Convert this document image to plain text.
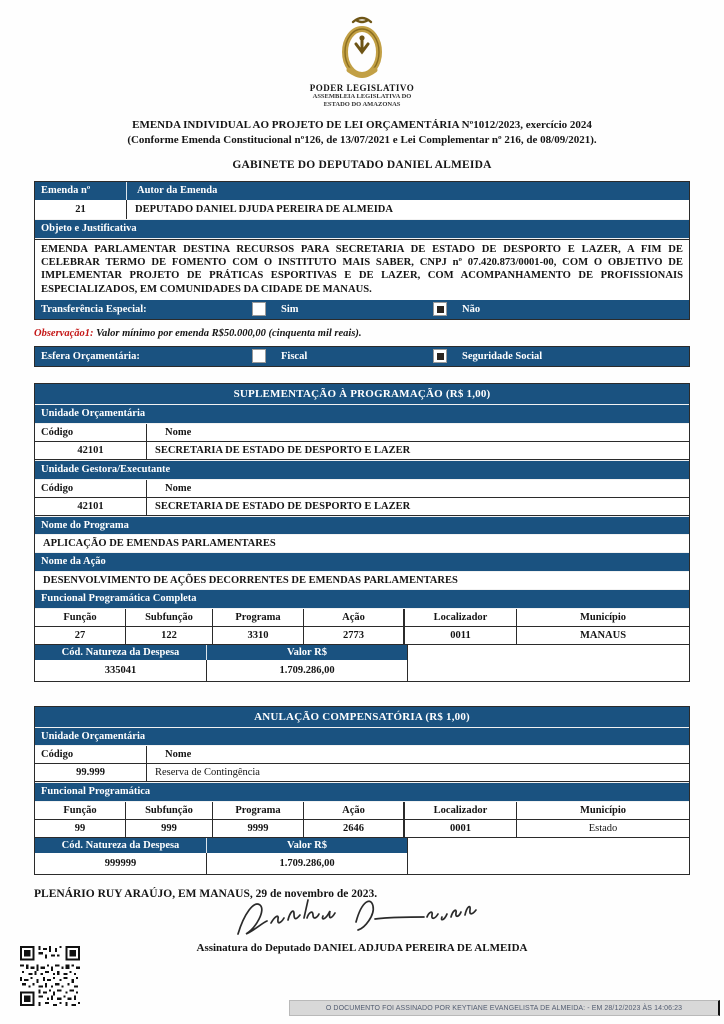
PODER LEGISLATIVO
ASSEMBLEIA LEGISLATIVA DO
ESTADO DO AMAZONAS
EMENDA INDIVIDUAL AO PROJETO DE LEI ORÇAMENTÁRIA Nº1012/2023, exercício 2024
(Conforme Emenda Constitucional nº126, de 13/07/2021 e Lei Complementar nº 216, de 08/09/2021).
GABINETE DO DEPUTADO DANIEL ALMEIDA
Emenda nº	Autor da Emenda
21	DEPUTADO DANIEL DJUDA PEREIRA DE ALMEIDA
Objeto e Justificativa
EMENDA PARLAMENTAR DESTINA RECURSOS PARA SECRETARIA DE ESTADO DE DESPORTO E LAZER, A FIM DE CELEBRAR TERMO DE FOMENTO COM O INSTITUTO MAIS SABER, CNPJ nº 07.420.873/0001-00, COM O OBJETIVO DE IMPLEMENTAR PROJETO DE PRÁTICAS ESPORTIVAS E DE LAZER, COM ACOMPANHAMENTO DE PROFISSIONAIS ESPECIALIZADOS, EM COMUNIDADES DA CIDADE DE MANAUS.
Transferência Especial:	Sim	Não
Observação1: Valor mínimo por emenda R$50.000,00 (cinquenta mil reais).
Esfera Orçamentária:	Fiscal	Seguridade Social
SUPLEMENTAÇÃO À PROGRAMAÇÃO (R$ 1,00)
Unidade Orçamentária
Código	Nome
42101	SECRETARIA DE ESTADO DE DESPORTO E LAZER
Unidade Gestora/Executante
Código	Nome
42101	SECRETARIA DE ESTADO DE DESPORTO E LAZER
Nome do Programa
APLICAÇÃO DE EMENDAS PARLAMENTARES
Nome da Ação
DESENVOLVIMENTO DE AÇÕES DECORRENTES DE EMENDAS PARLAMENTARES
Funcional Programática Completa
Função	Subfunção	Programa	Ação	Localizador	Município
27	122	3310	2773	0011	MANAUS
Cód. Natureza da Despesa	Valor R$
335041	1.709.286,00
ANULAÇÃO COMPENSATÓRIA (R$ 1,00)
Unidade Orçamentária
Código	Nome
99.999	Reserva de Contingência
Funcional Programática
Função	Subfunção	Programa	Ação	Localizador	Município
99	999	9999	2646	0001	Estado
Cód. Natureza da Despesa	Valor R$
999999	1.709.286,00
PLENÁRIO RUY ARAÚJO, EM MANAUS, 29 de novembro de 2023.
Assinatura do Deputado DANIEL ADJUDA PEREIRA DE ALMEIDA
O DOCUMENTO FOI ASSINADO POR KEYTIANE EVANGELISTA DE ALMEIDA: - EM 28/12/2023 ÀS 14:06:23
